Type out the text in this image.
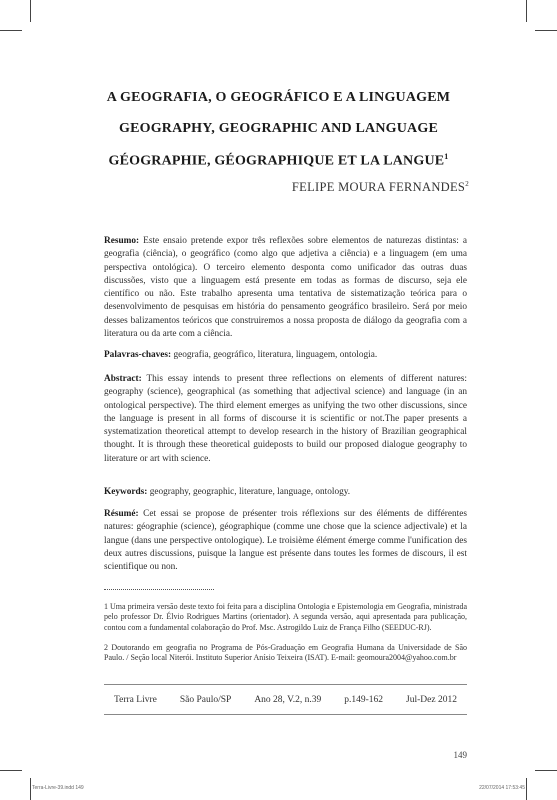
A GEOGRAFIA, O GEOGRÁFICO E A LINGUAGEM
GEOGRAPHY, GEOGRAPHIC AND LANGUAGE
GÉOGRAPHIE, GÉOGRAPHIQUE ET LA LANGUE$^1$
FELIPE MOURA FERNANDES$^2$
Resumo: Este ensaio pretende expor três reflexões sobre elementos de naturezas distintas: a geografia (ciência), o geográfico (como algo que adjetiva a ciência) e a linguagem (em uma perspectiva ontológica). O terceiro elemento desponta como unificador das outras duas discussões, visto que a linguagem está presente em todas as formas de discurso, seja ele científico ou não. Este trabalho apresenta uma tentativa de sistematização teórica para o desenvolvimento de pesquisas em história do pensamento geográfico brasileiro. Será por meio desses balizamentos teóricos que construiremos a nossa proposta de diálogo da geografia com a literatura ou da arte com a ciência.
Palavras-chaves: geografia, geográfico, literatura, linguagem, ontologia.
Abstract: This essay intends to present three reflections on elements of different natures: geography (science), geographical (as something that adjectival science) and language (in an ontological perspective). The third element emerges as unifying the two other discussions, since the language is present in all forms of discourse it is scientific or not.The paper presents a systematization theoretical attempt to develop research in the history of Brazilian geographical thought. It is through these theoretical guideposts to build our proposed dialogue geography to literature or art with science.
Keywords: geography, geographic, literature, language, ontology.
Résumé: Cet essai se propose de présenter trois réflexions sur des éléments de différentes natures: géographie (science), géographique (comme une chose que la science adjectivale) et la langue (dans une perspective ontologique). Le troisième élément émerge comme l'unification des deux autres discussions, puisque la langue est présente dans toutes les formes de discours, il est scientifique ou non.
1 Uma primeira versão deste texto foi feita para a disciplina Ontologia e Epistemologia em Geografia, ministrada pelo professor Dr. Élvio Rodrigues Martins (orientador). A segunda versão, aqui apresentada para publicação, contou com a fundamental colaboração do Prof. Msc. Astrogildo Luiz de França Filho (SEEDUC-RJ).
2 Doutorando em geografia no Programa de Pós-Graduação em Geografia Humana da Universidade de São Paulo. / Seção local Niterói. Instituto Superior Anísio Teixeira (ISAT). E-mail: geomoura2004@yahoo.com.br
Terra Livre São Paulo/SP Ano 28, V.2, n.39 p.149-162 Jul-Dez 2012
149
Terra-Livre-39.indd 149	22/07/2014 17:53:45
